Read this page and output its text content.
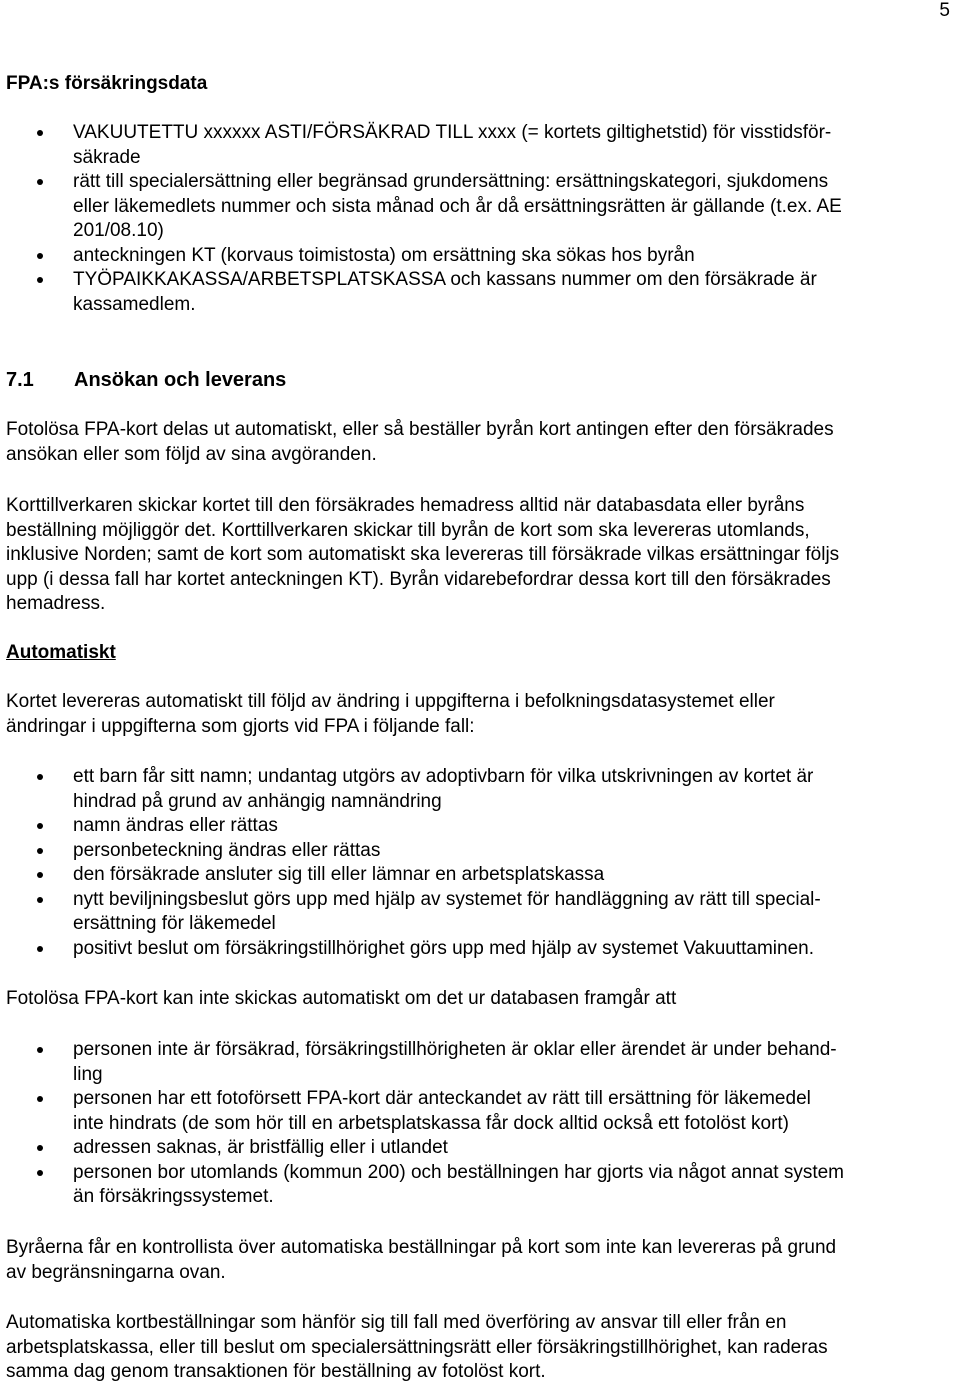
5
FPA:s försäkringsdata
VAKUUTETTU xxxxxx ASTI/FÖRSÄKRAD TILL xxxx (= kortets giltighetstid) för visstidsför-
säkrade
rätt till specialersättning eller begränsad grundersättning: ersättningskategori, sjukdomens
eller läkemedlets nummer och sista månad och år då ersättningsrätten är gällande (t.ex. AE
201/08.10)
anteckningen KT (korvaus toimistosta) om ersättning ska sökas hos byrån
TYÖPAIKKAKASSA/ARBETSPLATSKASSA och kassans nummer om den försäkrade är
kassamedlem.
7.1 Ansökan och leverans

Fotolösa FPA-kort delas ut automatiskt, eller så beställer byrån kort antingen efter den försäkrades
ansökan eller som följd av sina avgöranden.

Korttillverkaren skickar kortet till den försäkrades hemadress alltid när databasdata eller byråns
beställning möjliggör det. Korttillverkaren skickar till byrån de kort som ska levereras utomlands,
inklusive Norden; samt de kort som automatiskt ska levereras till försäkrade vilkas ersättningar följs
upp (i dessa fall har kortet anteckningen KT). Byrån vidarebefordrar dessa kort till den försäkrades
hemadress.

Automatiskt

Kortet levereras automatiskt till följd av ändring i uppgifterna i befolkningsdatasystemet eller
ändringar i uppgifterna som gjorts vid FPA i följande fall:

ett barn får sitt namn; undantag utgörs av adoptivbarn för vilka utskrivningen av kortet är
hindrad på grund av anhängig namnändring
namn ändras eller rättas
personbeteckning ändras eller rättas
den försäkrade ansluter sig till eller lämnar en arbetsplatskassa
nytt beviljningsbeslut görs upp med hjälp av systemet för handläggning av rätt till special-
ersättning för läkemedel
positivt beslut om försäkringstillhörighet görs upp med hjälp av systemet Vakuuttaminen.

Fotolösa FPA-kort kan inte skickas automatiskt om det ur databasen framgår att

personen inte är försäkrad, försäkringstillhörigheten är oklar eller ärendet är under behand-
ling
personen har ett fotoförsett FPA-kort där anteckandet av rätt till ersättning för läkemedel
inte hindrats (de som hör till en arbetsplatskassa får dock alltid också ett fotolöst kort)
adressen saknas, är bristfällig eller i utlandet
personen bor utomlands (kommun 200) och beställningen har gjorts via något annat system
än försäkringssystemet.

Byråerna får en kontrollista över automatiska beställningar på kort som inte kan levereras på grund
av begränsningarna ovan.

Automatiska kortbeställningar som hänför sig till fall med överföring av ansvar till eller från en
arbetsplatskassa, eller till beslut om specialersättningsrätt eller försäkringstillhörighet, kan raderas
samma dag genom transaktionen för beställning av fotolöst kort.
